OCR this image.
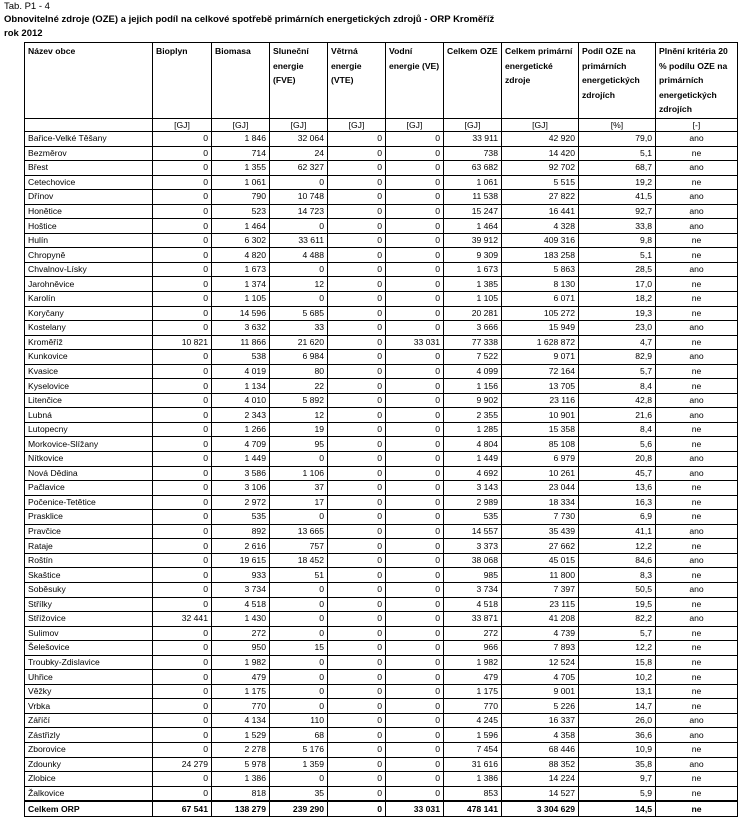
Tab. P1 - 4
Obnovitelné zdroje (OZE) a jejich podíl na celkové spotřebě primárních energetických zdrojů - ORP Kroměříž
rok 2012
Název obce	Bioplyn	Biomasa	Sluneční energie (FVE)	Větrná energie (VTE)	Vodní energie (VE)	Celkem OZE	Celkem primární energetické zdroje	Podíl OZE na primárních energetických zdrojích	Plnění kritéria 20 % podílu OZE na primárních energetických zdrojích
	[GJ]	[GJ]	[GJ]	[GJ]	[GJ]	[GJ]	[GJ]	[%]	[-]
Bařice-Velké Těšany	0	1 846	32 064	0	0	33 911	42 920	79,0	ano
Bezměrov	0	714	24	0	0	738	14 420	5,1	ne
Břest	0	1 355	62 327	0	0	63 682	92 702	68,7	ano
Cetechovice	0	1 061	0	0	0	1 061	5 515	19,2	ne
Dřínov	0	790	10 748	0	0	11 538	27 822	41,5	ano
Honětice	0	523	14 723	0	0	15 247	16 441	92,7	ano
Hoštice	0	1 464	0	0	0	1 464	4 328	33,8	ano
Hulín	0	6 302	33 611	0	0	39 912	409 316	9,8	ne
Chropyně	0	4 820	4 488	0	0	9 309	183 258	5,1	ne
Chvalnov-Lísky	0	1 673	0	0	0	1 673	5 863	28,5	ano
Jarohněvice	0	1 374	12	0	0	1 385	8 130	17,0	ne
Karolín	0	1 105	0	0	0	1 105	6 071	18,2	ne
Koryčany	0	14 596	5 685	0	0	20 281	105 272	19,3	ne
Kostelany	0	3 632	33	0	0	3 666	15 949	23,0	ano
Kroměříž	10 821	11 866	21 620	0	33 031	77 338	1 628 872	4,7	ne
Kunkovice	0	538	6 984	0	0	7 522	9 071	82,9	ano
Kvasice	0	4 019	80	0	0	4 099	72 164	5,7	ne
Kyselovice	0	1 134	22	0	0	1 156	13 705	8,4	ne
Litenčice	0	4 010	5 892	0	0	9 902	23 116	42,8	ano
Lubná	0	2 343	12	0	0	2 355	10 901	21,6	ano
Lutopecny	0	1 266	19	0	0	1 285	15 358	8,4	ne
Morkovice-Slížany	0	4 709	95	0	0	4 804	85 108	5,6	ne
Nítkovice	0	1 449	0	0	0	1 449	6 979	20,8	ano
Nová Dědina	0	3 586	1 106	0	0	4 692	10 261	45,7	ano
Pačlavice	0	3 106	37	0	0	3 143	23 044	13,6	ne
Počenice-Tetětice	0	2 972	17	0	0	2 989	18 334	16,3	ne
Prasklice	0	535	0	0	0	535	7 730	6,9	ne
Pravčice	0	892	13 665	0	0	14 557	35 439	41,1	ano
Rataje	0	2 616	757	0	0	3 373	27 662	12,2	ne
Roštín	0	19 615	18 452	0	0	38 068	45 015	84,6	ano
Skaštice	0	933	51	0	0	985	11 800	8,3	ne
Soběsuky	0	3 734	0	0	0	3 734	7 397	50,5	ano
Střílky	0	4 518	0	0	0	4 518	23 115	19,5	ne
Střížovice	32 441	1 430	0	0	0	33 871	41 208	82,2	ano
Sulimov	0	272	0	0	0	272	4 739	5,7	ne
Šelešovice	0	950	15	0	0	966	7 893	12,2	ne
Troubky-Zdislavice	0	1 982	0	0	0	1 982	12 524	15,8	ne
Uhřice	0	479	0	0	0	479	4 705	10,2	ne
Věžky	0	1 175	0	0	0	1 175	9 001	13,1	ne
Vrbka	0	770	0	0	0	770	5 226	14,7	ne
Záříčí	0	4 134	110	0	0	4 245	16 337	26,0	ano
Zástřizly	0	1 529	68	0	0	1 596	4 358	36,6	ano
Zborovice	0	2 278	5 176	0	0	7 454	68 446	10,9	ne
Zdounky	24 279	5 978	1 359	0	0	31 616	88 352	35,8	ano
Zlobice	0	1 386	0	0	0	1 386	14 224	9,7	ne
Žalkovice	0	818	35	0	0	853	14 527	5,9	ne
Celkem ORP	67 541	138 279	239 290	0	33 031	478 141	3 304 629	14,5	ne
